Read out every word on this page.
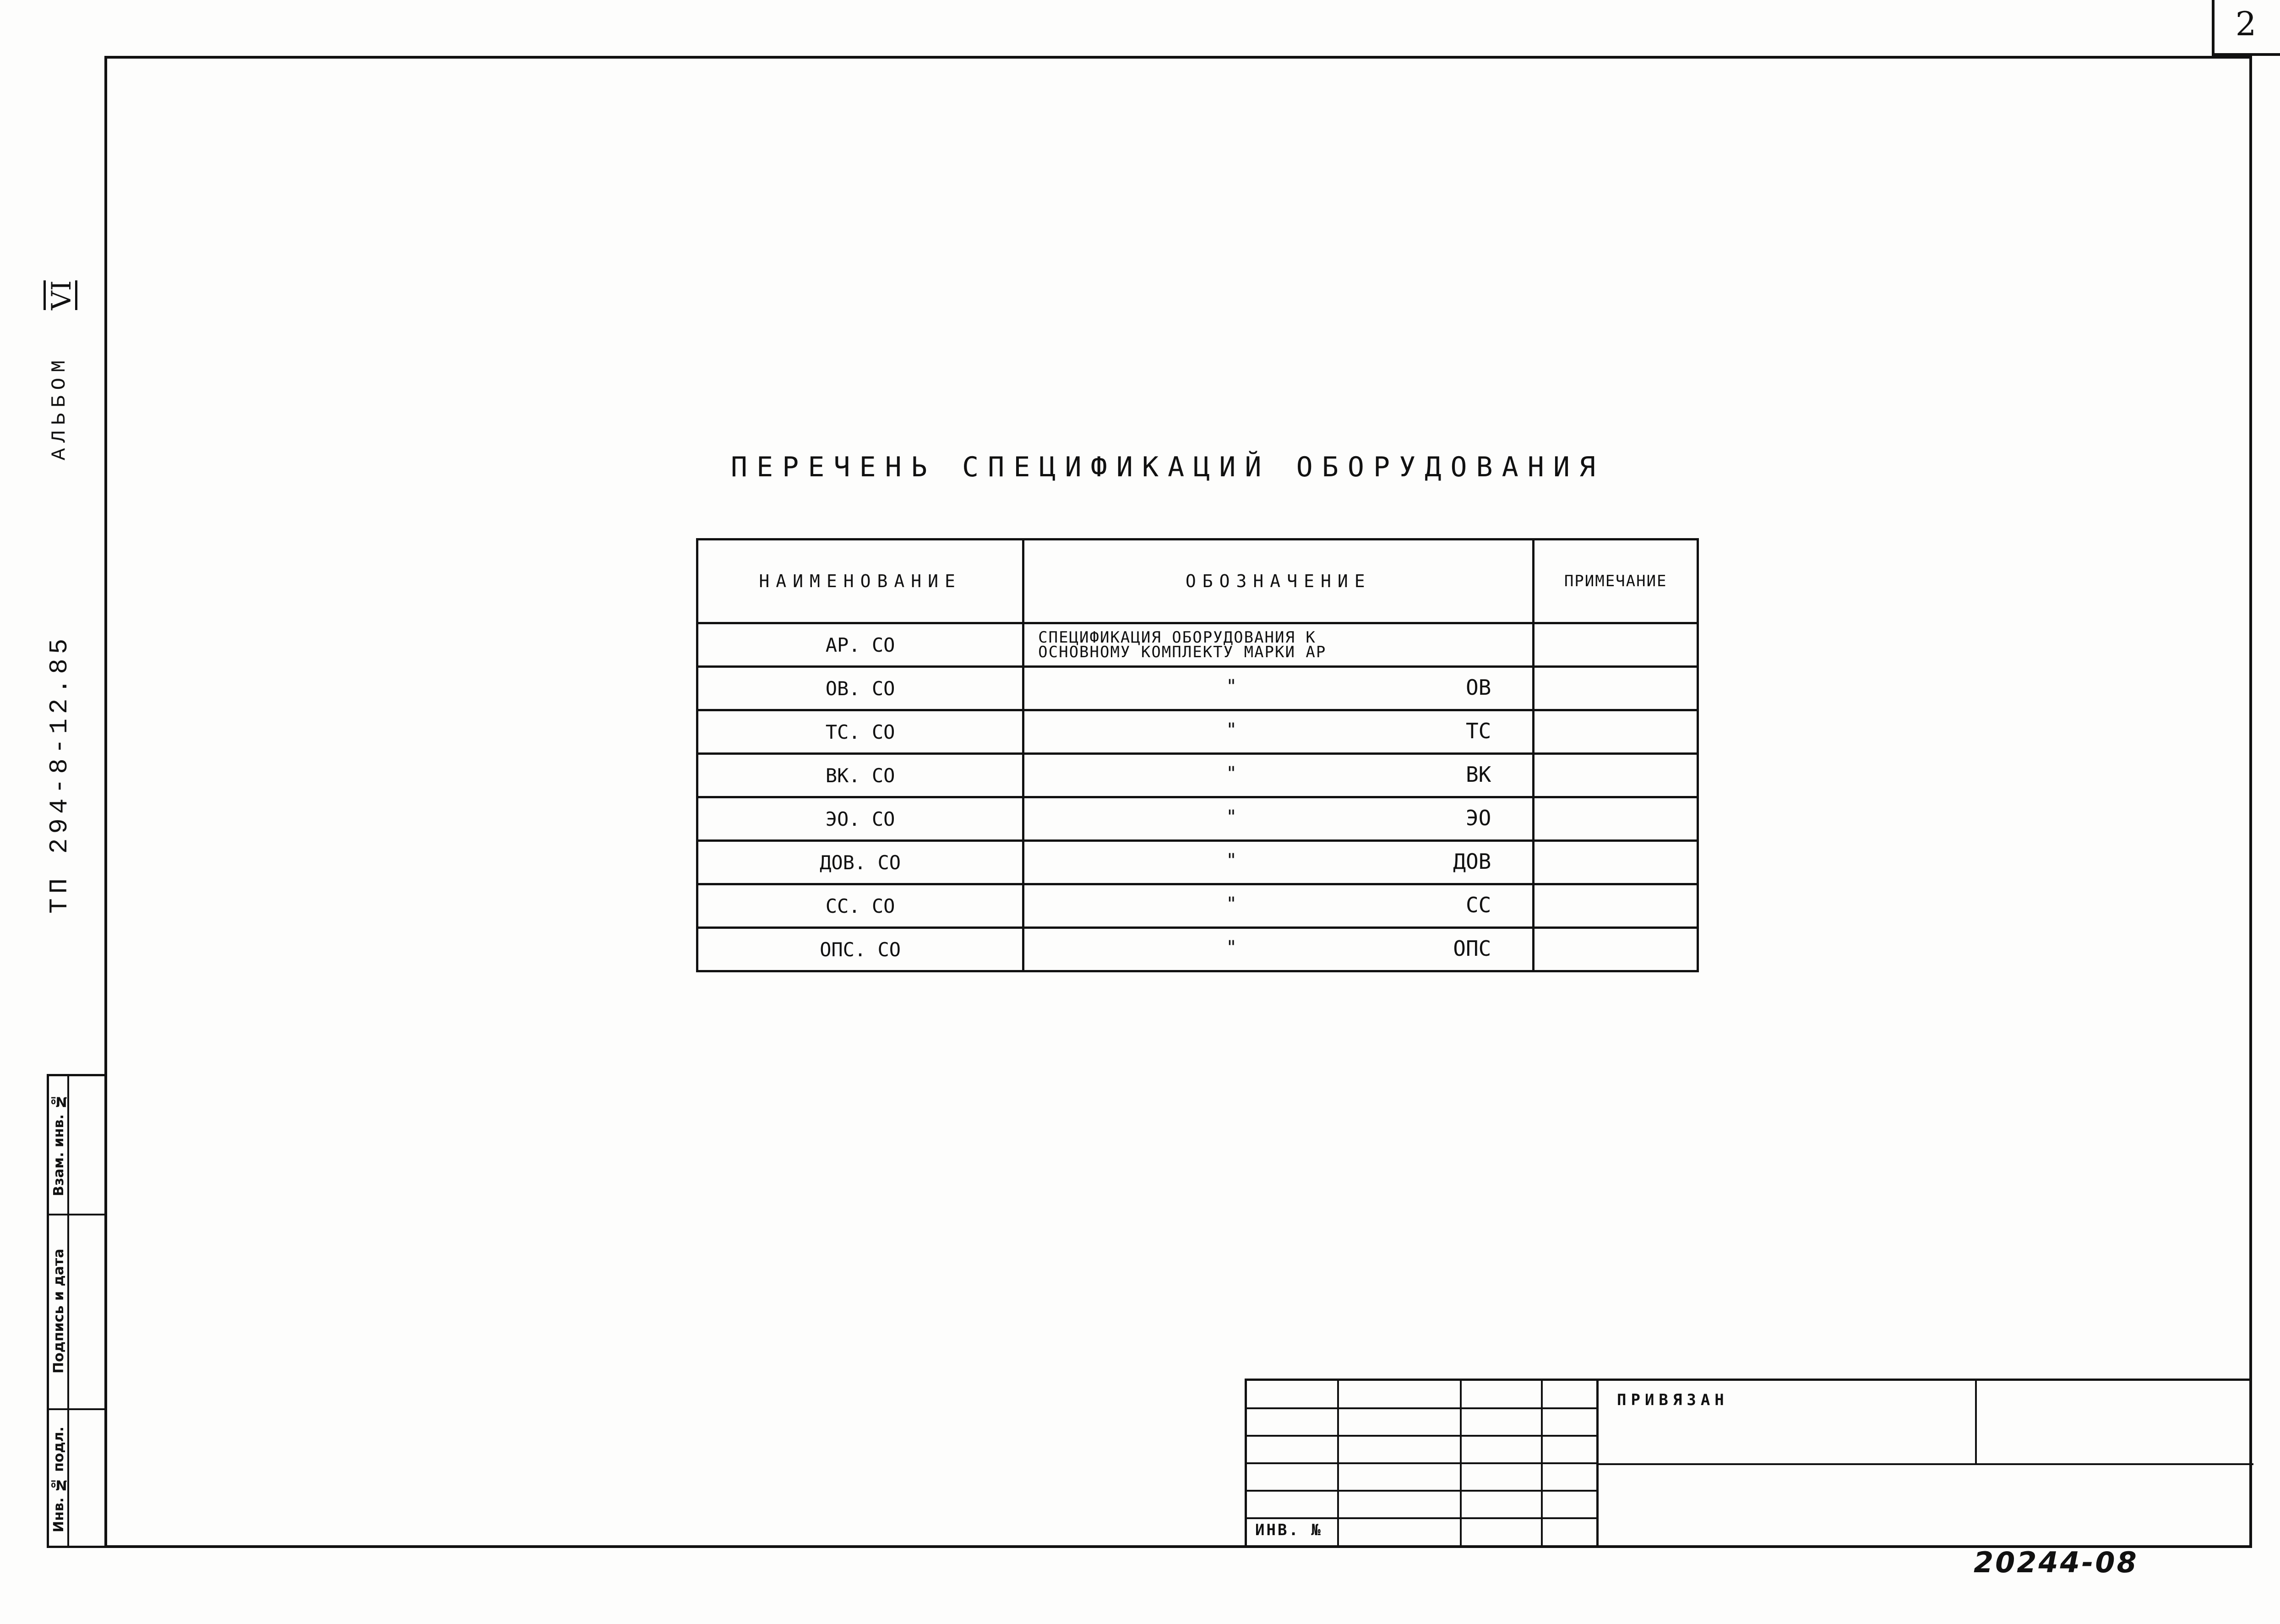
2
АЛЬБОМ
VI
ТП 294-8-12.85
Взам. инв. №
Подпись и дата
Инв. № подл.
ПЕРЕЧЕНЬ СПЕЦИФИКАЦИЙ ОБОРУДОВАНИЯ
НАИМЕНОВАНИЕ	ОБОЗНАЧЕНИЕ	ПРИМЕЧАНИЕ
АР. СО	СПЕЦИФИКАЦИЯ ОБОРУДОВАНИЯ К
ОСНОВНОМУ КОМПЛЕКТУ МАРКИ АР	

ОВ. СО	" ОВ	

ТС. СО	" ТС	

ВК. СО	" ВК	

ЭО. СО	" ЭО	

ДОВ. СО	" ДОВ	

СС. СО	" СС	

ОПС. СО	" ОПС	

ИНВ. №
ПРИВЯЗАН
20244-08
